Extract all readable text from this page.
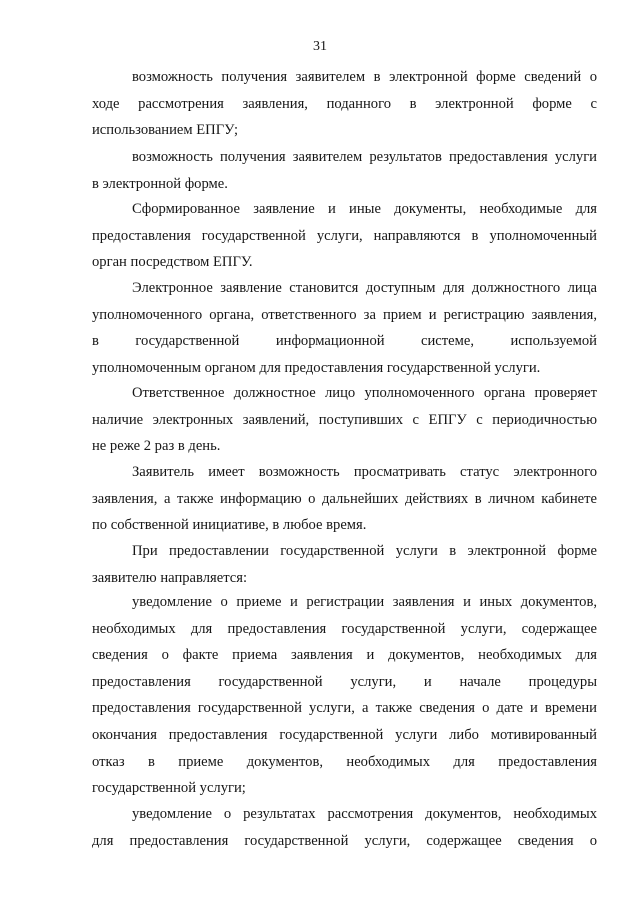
31
возможность получения заявителем в электронной форме сведений о
ходе рассмотрения заявления, поданного в электронной форме с
использованием ЕПГУ;
возможность получения заявителем результатов предоставления услуги
в электронной форме.
Сформированное заявление и иные документы, необходимые для
предоставления государственной услуги, направляются в уполномоченный
орган посредством ЕПГУ.
Электронное заявление становится доступным для должностного лица
уполномоченного органа, ответственного за прием и регистрацию заявления,
в государственной информационной системе, используемой
уполномоченным органом для предоставления государственной услуги.
Ответственное должностное лицо уполномоченного органа проверяет
наличие электронных заявлений, поступивших с ЕПГУ с периодичностью
не реже 2 раз в день.
Заявитель имеет возможность просматривать статус электронного
заявления, а также информацию о дальнейших действиях в личном кабинете
по собственной инициативе, в любое время.
При предоставлении государственной услуги в электронной форме
заявителю направляется:
уведомление о приеме и регистрации заявления и иных документов,
необходимых для предоставления государственной услуги, содержащее
сведения о факте приема заявления и документов, необходимых для
предоставления государственной услуги, и начале процедуры
предоставления государственной услуги, а также сведения о дате и времени
окончания предоставления государственной услуги либо мотивированный
отказ в приеме документов, необходимых для предоставления
государственной услуги;
уведомление о результатах рассмотрения документов, необходимых
для предоставления государственной услуги, содержащее сведения о
